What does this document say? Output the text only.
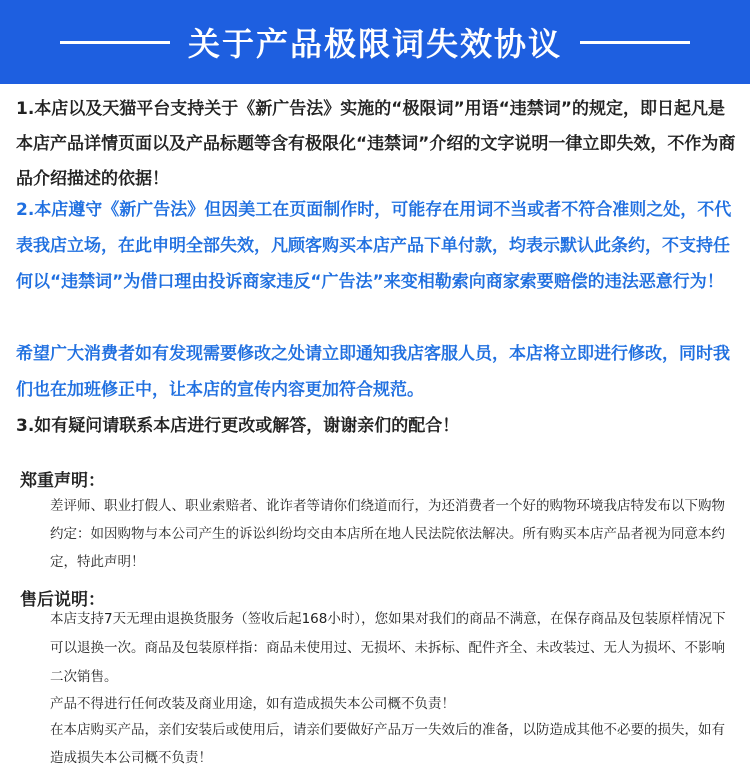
关于产品极限词失效协议

1.本店以及天猫平台支持关于《新广告法》实施的“极限词”用语“违禁词”的规定，即日起凡是本店产品详情页面以及产品标题等含有极限化“违禁词”介绍的文字说明一律立即失效，不作为商品介绍描述的依据！

2.本店遵守《新广告法》但因美工在页面制作时，可能存在用词不当或者不符合准则之处，不代表我店立场，在此申明全部失效，凡顾客购买本店产品下单付款，均表示默认此条约，不支持任何以“违禁词”为借口理由投诉商家违反“广告法”来变相勒索向商家索要赔偿的违法恶意行为！

希望广大消费者如有发现需要修改之处请立即通知我店客服人员，本店将立即进行修改，同时我们也在加班修正中，让本店的宣传内容更加符合规范。

3.如有疑问请联系本店进行更改或解答，谢谢亲们的配合！

郑重声明：

差评师、职业打假人、职业索赔者、讹诈者等请你们绕道而行，为还消费者一个好的购物环境我店特发布以下购物约定：如因购物与本公司产生的诉讼纠纷均交由本店所在地人民法院依法解决。所有购买本店产品者视为同意本约定，特此声明！

售后说明：

本店支持7天无理由退换货服务（签收后起168小时），您如果对我们的商品不满意，在保存商品及包装原样情况下可以退换一次。商品及包装原样指：商品未使用过、无损坏、未拆标、配件齐全、未改装过、无人为损坏、不影响二次销售。

产品不得进行任何改装及商业用途，如有造成损失本公司概不负责！

在本店购买产品，亲们安装后或使用后，请亲们要做好产品万一失效后的准备，以防造成其他不必要的损失，如有造成损失本公司概不负责！
